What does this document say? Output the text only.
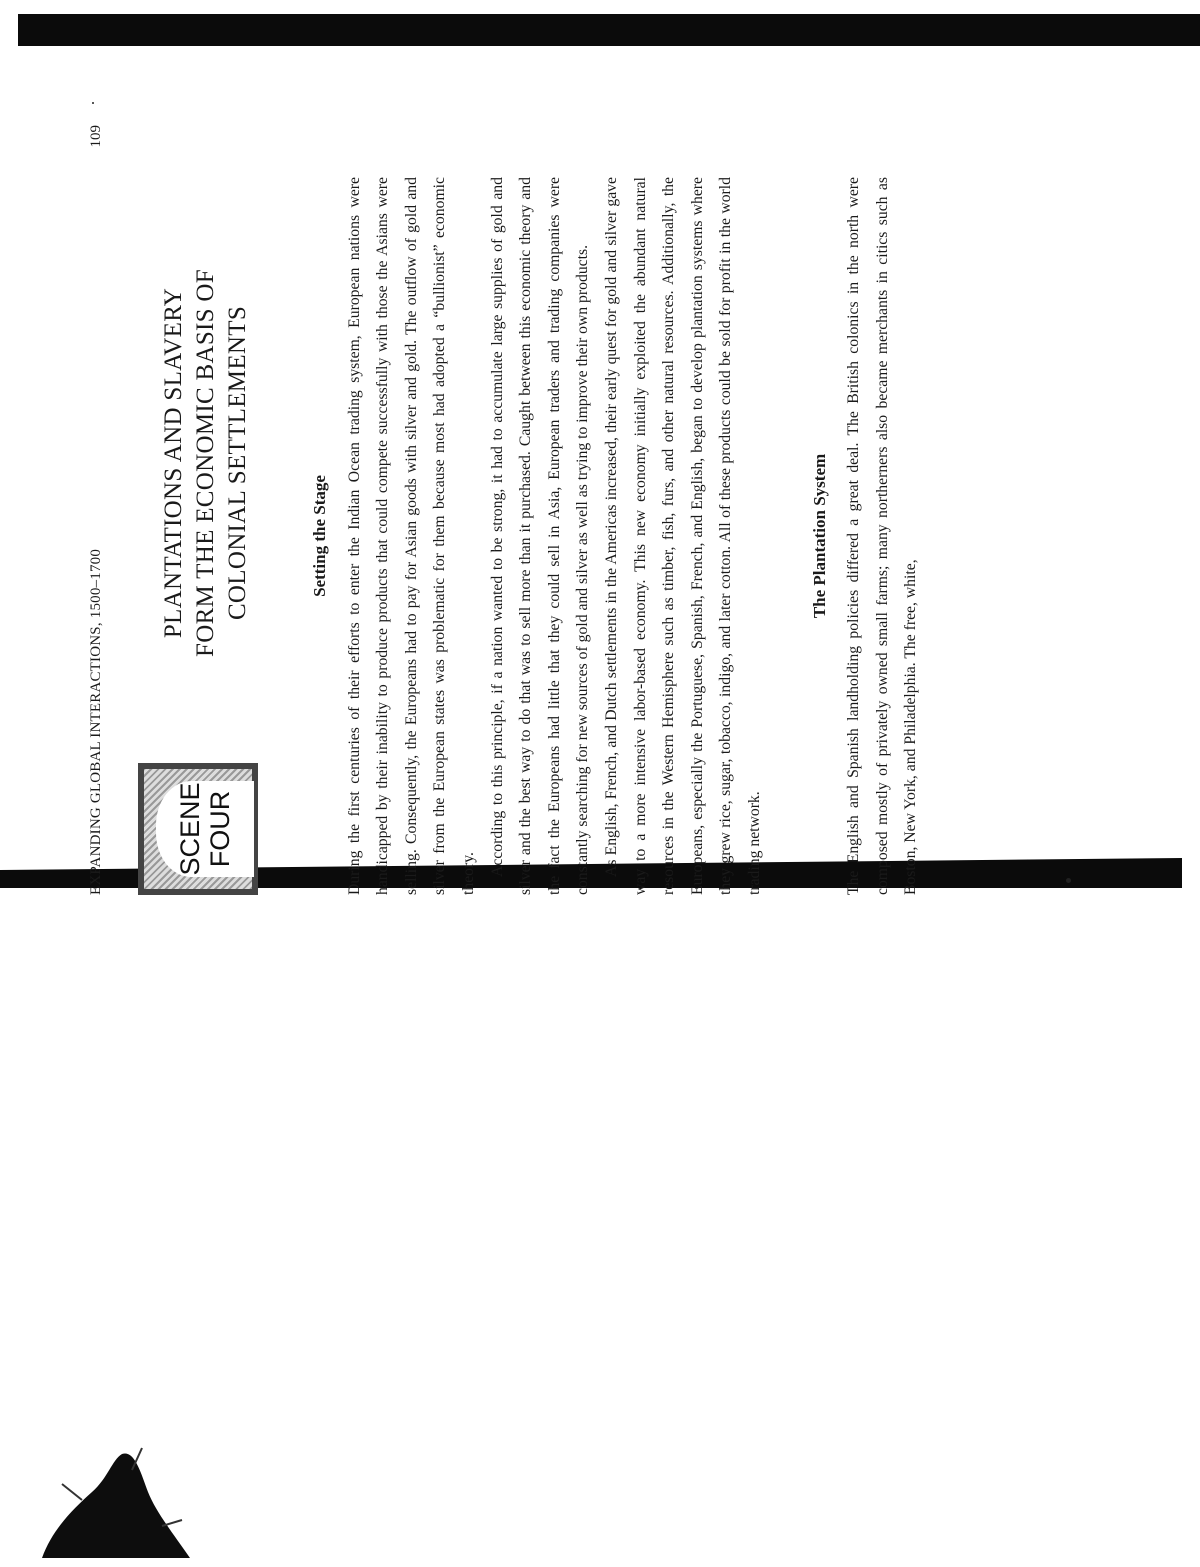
EXPANDING GLOBAL INTERACTIONS, 1500–1700
109
SCENE FOUR
PLANTATIONS AND SLAVERY FORM THE ECONOMIC BASIS OF COLONIAL SETTLEMENTS	Setting the Stage	During the first centuries of their efforts to enter the Indian Ocean trading system, European nations were handicapped by their inability to produce products that could compete successfully with those the Asians were selling. Consequently, the Europeans had to pay for Asian goods with silver and gold. The outflow of gold and silver from the European states was problematic for them because most had adopted a “bullionist” economic theory. According to this principle, if a nation wanted to be strong, it had to accumulate large supplies of gold and silver and the best way to do that was to sell more than it purchased. Caught between this economic theory and the fact the Europeans had little that they could sell in Asia, European traders and trading companies were constantly searching for new sources of gold and silver as well as trying to improve their own products. As English, French, and Dutch settlements in the Americas increased, their early quest for gold and silver gave way to a more intensive labor-based economy. This new economy initially exploited the abundant natural resources in the Western Hemisphere such as timber, fish, furs, and other natural resources. Additionally, the Europeans, especially the Portuguese, Spanish, French, and English, began to develop plantation systems where they grew rice, sugar, tobacco, indigo, and later cotton. All of these products could be sold for profit in the world trading network.

The Plantation System	The English and Spanish landholding policies differed a great deal. The British colonics in the north were composed mostly of privately owned small farms; many northerners also became merchants in citics such as Boston, New York, and Philadelphia. The free, white,
